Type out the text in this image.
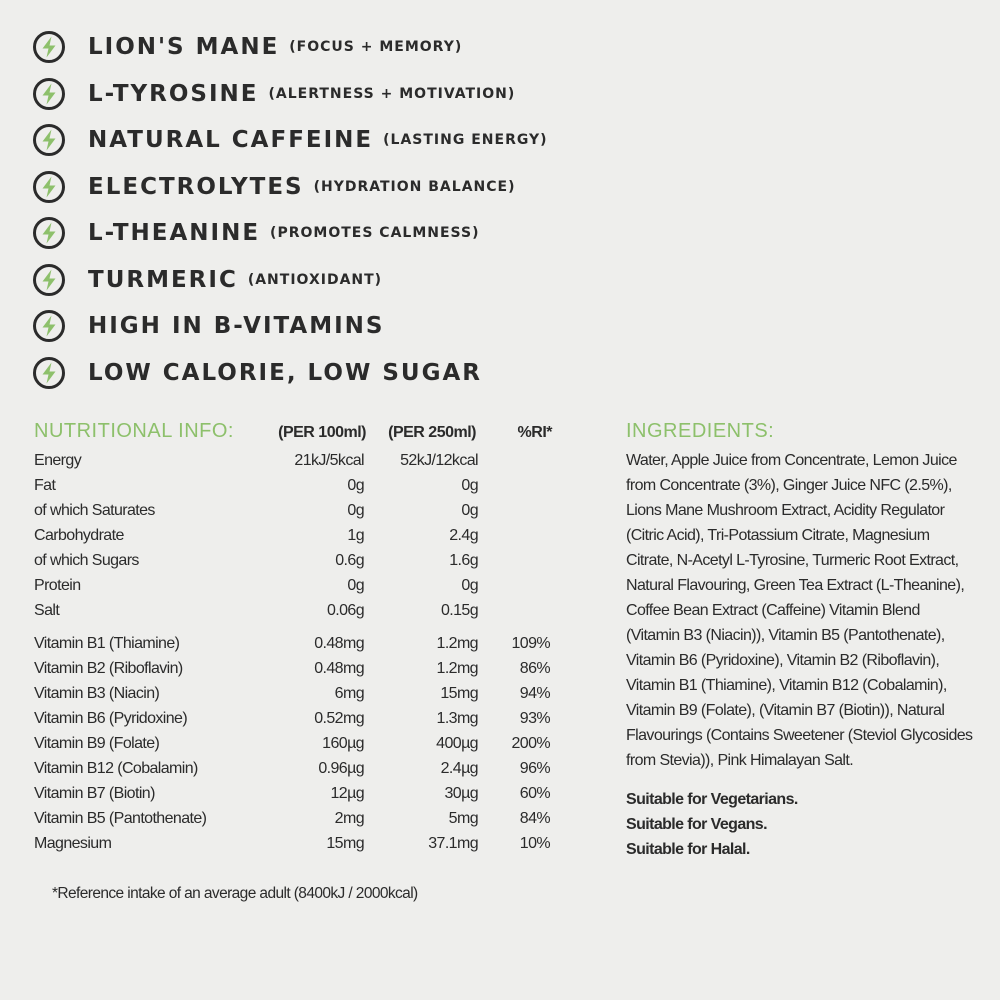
LION'S MANE (FOCUS + MEMORY)
L-TYROSINE (ALERTNESS + MOTIVATION)
NATURAL CAFFEINE (LASTING ENERGY)
ELECTROLYTES (HYDRATION BALANCE)
L-THEANINE (PROMOTES CALMNESS)
TURMERIC (ANTIOXIDANT)
HIGH IN B-VITAMINS
LOW CALORIE, LOW SUGAR
NUTRITIONAL INFO:	(PER 100ml)	(PER 250ml)	%RI*
Energy	21kJ/5kcal	52kJ/12kcal
Fat	0g	0g
of which Saturates	0g	0g
Carbohydrate	1g	2.4g
of which Sugars	0.6g	1.6g
Protein	0g	0g
Salt	0.06g	0.15g
Vitamin B1 (Thiamine)	0.48mg	1.2mg	109%
Vitamin B2 (Riboflavin)	0.48mg	1.2mg	86%
Vitamin B3 (Niacin)	6mg	15mg	94%
Vitamin B6 (Pyridoxine)	0.52mg	1.3mg	93%
Vitamin B9 (Folate)	160µg	400µg	200%
Vitamin B12 (Cobalamin)	0.96µg	2.4µg	96%
Vitamin B7 (Biotin)	12µg	30µg	60%
Vitamin B5 (Pantothenate)	2mg	5mg	84%
Magnesium	15mg	37.1mg	10%
*Reference intake of an average adult (8400kJ / 2000kcal)
INGREDIENTS:

Water, Apple Juice from Concentrate, Lemon Juice from Concentrate (3%), Ginger Juice NFC (2.5%), Lions Mane Mushroom Extract, Acidity Regulator (Citric Acid), Tri-Potassium Citrate, Magnesium Citrate, N-Acetyl L-Tyrosine, Turmeric Root Extract, Natural Flavouring, Green Tea Extract (L-Theanine), Coffee Bean Extract (Caffeine) Vitamin Blend (Vitamin B3 (Niacin)), Vitamin B5 (Pantothenate), Vitamin B6 (Pyridoxine), Vitamin B2 (Riboflavin), Vitamin B1 (Thiamine), Vitamin B12 (Cobalamin), Vitamin B9 (Folate), (Vitamin B7 (Biotin)), Natural Flavourings (Contains Sweetener (Steviol Glycosides from Stevia)), Pink Himalayan Salt.

Suitable for Vegetarians.
Suitable for Vegans.
Suitable for Halal.
